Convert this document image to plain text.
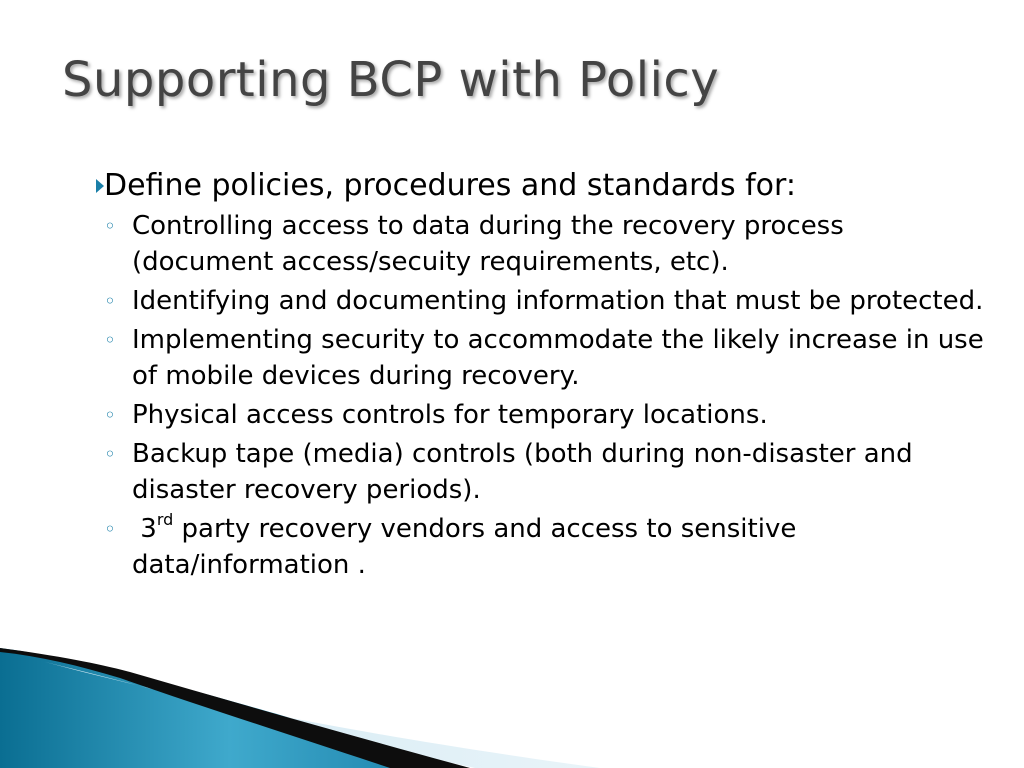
Supporting BCP with Policy
Define policies, procedures and standards for:
◦ Controlling access to data during the recovery process (document access/secuity requirements, etc).
◦ Identifying and documenting information that must be protected.
◦ Implementing security to accommodate the likely increase in use of mobile devices during recovery.
◦ Physical access controls for temporary locations.
◦ Backup tape (media) controls (both during non-disaster and disaster recovery periods).
◦ 3rd party recovery vendors and access to sensitive data/information .
